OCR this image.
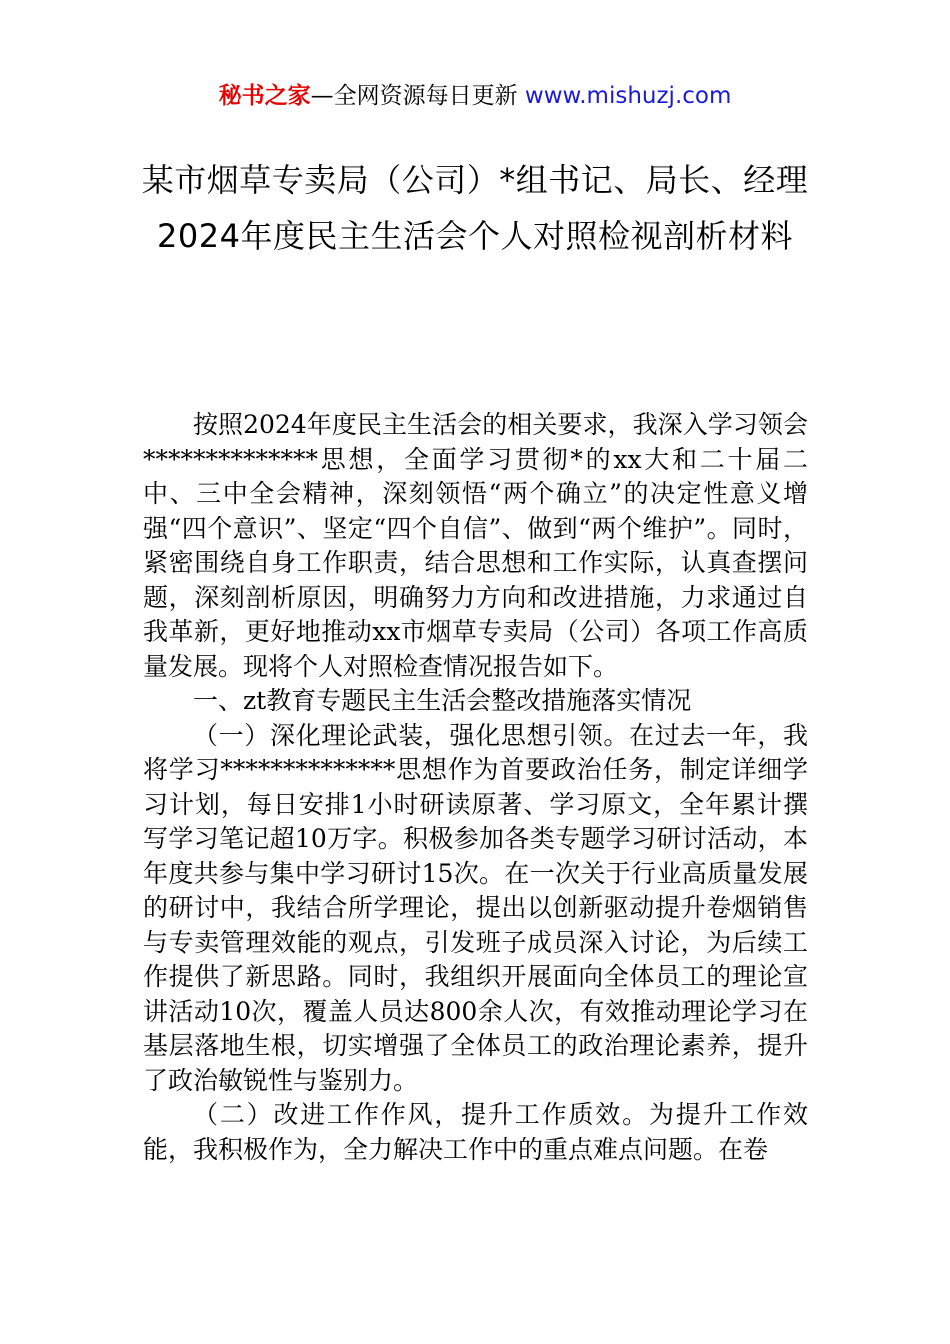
秘书之家—全网资源每日更新 www.mishuzj.com
某市烟草专卖局（公司）*组书记、局长、经理2024年度民主生活会个人对照检视剖析材料

按照2024年度民主生活会的相关要求，我深入学习领会**************思想，全面学习贯彻*的xx大和二十届二中、三中全会精神，深刻领悟“两个确立”的决定性意义增强“四个意识”、坚定“四个自信”、做到“两个维护”。同时，紧密围绕自身工作职责，结合思想和工作实际，认真查摆问题，深刻剖析原因，明确努力方向和改进措施，力求通过自我革新，更好地推动xx市烟草专卖局（公司）各项工作高质量发展。现将个人对照检查情况报告如下。

一、zt教育专题民主生活会整改措施落实情况

（一）深化理论武装，强化思想引领。在过去一年，我将学习**************思想作为首要政治任务，制定详细学习计划，每日安排1小时研读原著、学习原文，全年累计撰写学习笔记超10万字。积极参加各类专题学习研讨活动，本年度共参与集中学习研讨15次。在一次关于行业高质量发展的研讨中，我结合所学理论，提出以创新驱动提升卷烟销售与专卖管理效能的观点，引发班子成员深入讨论，为后续工作提供了新思路。同时，我组织开展面向全体员工的理论宣讲活动10次，覆盖人员达800余人次，有效推动理论学习在基层落地生根，切实增强了全体员工的政治理论素养，提升了政治敏锐性与鉴别力。

（二）改进工作作风，提升工作质效。为提升工作效能，我积极作为，全力解决工作中的重点难点问题。在卷
